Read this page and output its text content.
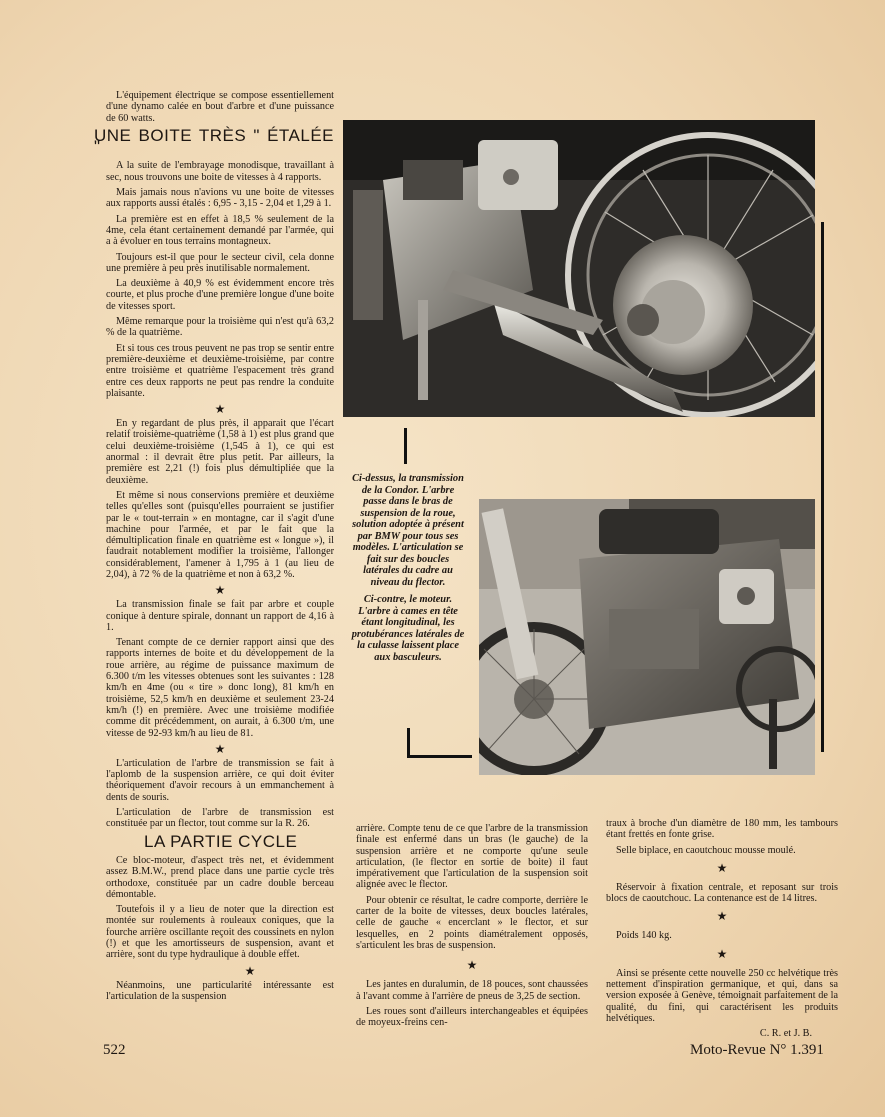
L'équipement électrique se compose essentiellement d'une dynamo calée en bout d'arbre et d'une puissance de 60 watts.

UNE BOITE TRÈS " ÉTALÉE "

A la suite de l'embrayage monodisque, travaillant à sec, nous trouvons une boite de vitesses à 4 rapports.

Mais jamais nous n'avions vu une boite de vitesses aux rapports aussi étalés : 6,95 - 3,15 - 2,04 et 1,29 à 1.

La première est en effet à 18,5 % seulement de la 4me, cela étant certainement demandé par l'armée, qui a à évoluer en tous terrains montagneux.

Toujours est-il que pour le secteur civil, cela donne une première à peu près inutilisable normalement.

La deuxième à 40,9 % est évidemment encore très courte, et plus proche d'une première longue d'une boite de vitesses sport.

Même remarque pour la troisième qui n'est qu'à 63,2 % de la quatrième.

Et si tous ces trous peuvent ne pas trop se sentir entre première-deuxième et deuxième-troisième, par contre entre troisième et quatrième l'espacement très grand entre ces deux rapports ne peut pas rendre la conduite plaisante.

★

En y regardant de plus près, il apparait que l'écart relatif troisième-quatrième (1,58 à 1) est plus grand que celui deuxième-troisième (1,545 à 1), ce qui est anormal : il devrait être plus petit. Par ailleurs, la première est 2,21 (!) fois plus démultipliée que la deuxième.

Et même si nous conservions première et deuxième telles qu'elles sont (puisqu'elles pourraient se justifier par le « tout-terrain » en montagne, car il s'agit d'une machine pour l'armée, et par le fait que la démultiplication finale en quatrième est « longue »), il faudrait notablement modifier la troisième, l'allonger considérablement, l'amener à 1,795 à 1 (au lieu de 2,04), à 72 % de la quatrième et non à 63,2 %.

★

La transmission finale se fait par arbre et couple conique à denture spirale, donnant un rapport de 4,16 à 1.

Tenant compte de ce dernier rapport ainsi que des rapports internes de boite et du développement de la roue arrière, au régime de puissance maximum de 6.300 t/m les vitesses obtenues sont les suivantes : 128 km/h en 4me (ou « tire » donc long), 81 km/h en troisième, 52,5 km/h en deuxième et seulement 23-24 km/h (!) en première. Avec une troisième modifiée comme dit précédemment, on aurait, à 6.300 t/m, une vitesse de 92-93 km/h au lieu de 81.

★

L'articulation de l'arbre de transmission se fait à l'aplomb de la suspension arrière, ce qui doit éviter théoriquement d'avoir recours à un emmanchement à dents de souris.

L'articulation de l'arbre de transmission est constituée par un flector, tout comme sur la R. 26.

LA PARTIE CYCLE

Ce bloc-moteur, d'aspect très net, et évidemment assez B.M.W., prend place dans une partie cycle très orthodoxe, constituée par un cadre double berceau démontable.

Toutefois il y a lieu de noter que la direction est montée sur roulements à rouleaux coniques, que la fourche arrière oscillante reçoit des coussinets en nylon (!) et que les amortisseurs de suspension, avant et arrière, sont du type hydraulique à double effet.

★

Néanmoins, une particularité intéressante est l'articulation de la suspension

Ci-dessus, la transmission de la Condor. L'arbre passe dans le bras de suspension de la roue, solution adoptée à présent par BMW pour tous ses modèles. L'articulation se fait sur des boucles latérales du cadre au niveau du flector.

Ci-contre, le moteur. L'arbre à cames en tête étant longitudinal, les protubérances latérales de la culasse laissent place aux basculeurs.

arrière. Compte tenu de ce que l'arbre de la transmission finale est enfermé dans un bras (le gauche) de la suspension arrière et ne comporte qu'une seule articulation, (le flector en sortie de boite) il faut impérativement que l'articulation de la suspension soit alignée avec le flector.

Pour obtenir ce résultat, le cadre comporte, derrière le carter de la boite de vitesses, deux boucles latérales, celle de gauche « encerclant » le flector, et sur lesquelles, en 2 points diamétralement opposés, s'articulent les bras de suspension.

★

Les jantes en duralumin, de 18 pouces, sont chaussées à l'avant comme à l'arrière de pneus de 3,25 de section.

Les roues sont d'ailleurs interchangeables et équipées de moyeux-freins cen-

traux à broche d'un diamètre de 180 mm, les tambours étant frettés en fonte grise.

Selle biplace, en caoutchouc mousse moulé.

★

Réservoir à fixation centrale, et reposant sur trois blocs de caoutchouc. La contenance est de 14 litres.

★

Poids 140 kg.

★

Ainsi se présente cette nouvelle 250 cc helvétique très nettement d'inspiration germanique, et qui, dans sa version exposée à Genève, témoignait parfaitement de la qualité, du fini, qui caractérisent les produits helvétiques.

C. R. et J. B.
522	Moto-Revue N° 1.391
